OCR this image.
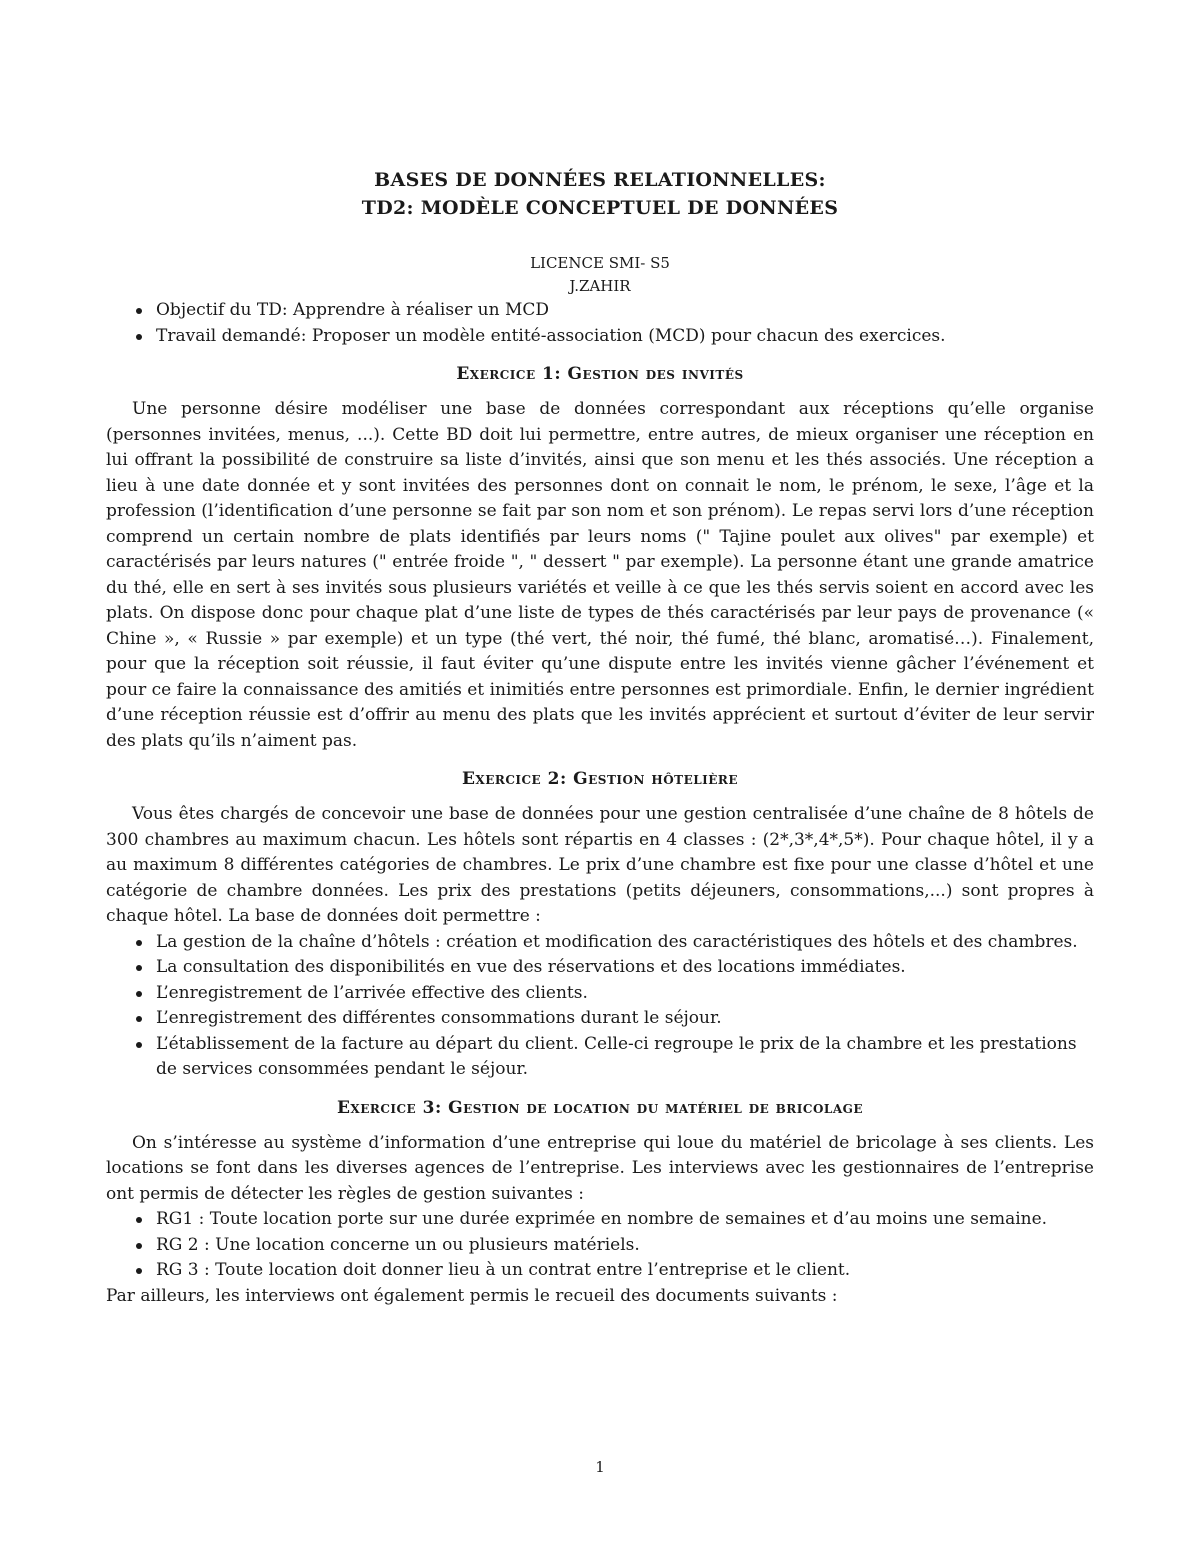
BASES DE DONNÉES RELATIONNELLES:

TD2: MODÈLE CONCEPTUEL DE DONNÉES

LICENCE SMI- S5

J.ZAHIR

Objectif du TD: Apprendre à réaliser un MCD
Travail demandé: Proposer un modèle entité-association (MCD) pour chacun des exercices.
Exercice 1: Gestion des invités

Une personne désire modéliser une base de données correspondant aux réceptions qu’elle organise (personnes invitées, menus, ...). Cette BD doit lui permettre, entre autres, de mieux organiser une réception en lui offrant la possibilité de construire sa liste d’invités, ainsi que son menu et les thés associés. Une réception a lieu à une date donnée et y sont invitées des personnes dont on connait le nom, le prénom, le sexe, l’âge et la profession (l’identification d’une personne se fait par son nom et son prénom). Le repas servi lors d’une réception comprend un certain nombre de plats identifiés par leurs noms (" Tajine poulet aux olives" par exemple) et caractérisés par leurs natures (" entrée froide ", " dessert " par exemple). La personne étant une grande amatrice du thé, elle en sert à ses invités sous plusieurs variétés et veille à ce que les thés servis soient en accord avec les plats. On dispose donc pour chaque plat d’une liste de types de thés caractérisés par leur pays de provenance (« Chine », « Russie » par exemple) et un type (thé vert, thé noir, thé fumé, thé blanc, aromatisé…). Finalement, pour que la réception soit réussie, il faut éviter qu’une dispute entre les invités vienne gâcher l’événement et pour ce faire la connaissance des amitiés et inimitiés entre personnes est primordiale. Enfin, le dernier ingrédient d’une réception réussie est d’offrir au menu des plats que les invités apprécient et surtout d’éviter de leur servir des plats qu’ils n’aiment pas.

Exercice 2: Gestion hôtelière

Vous êtes chargés de concevoir une base de données pour une gestion centralisée d’une chaîne de 8 hôtels de 300 chambres au maximum chacun. Les hôtels sont répartis en 4 classes : (2*,3*,4*,5*). Pour chaque hôtel, il y a au maximum 8 différentes catégories de chambres. Le prix d’une chambre est fixe pour une classe d’hôtel et une catégorie de chambre données. Les prix des prestations (petits déjeuners, consommations,...) sont propres à chaque hôtel. La base de données doit permettre :

La gestion de la chaîne d’hôtels : création et modification des caractéristiques des hôtels et des chambres.
La consultation des disponibilités en vue des réservations et des locations immédiates.
L’enregistrement de l’arrivée effective des clients.
L’enregistrement des différentes consommations durant le séjour.
L’établissement de la facture au départ du client. Celle-ci regroupe le prix de la chambre et les prestations de services consommées pendant le séjour.
Exercice 3: Gestion de location du matériel de bricolage

On s’intéresse au système d’information d’une entreprise qui loue du matériel de bricolage à ses clients. Les locations se font dans les diverses agences de l’entreprise. Les interviews avec les gestionnaires de l’entreprise ont permis de détecter les règles de gestion suivantes :

RG1 : Toute location porte sur une durée exprimée en nombre de semaines et d’au moins une semaine.
RG 2 : Une location concerne un ou plusieurs matériels.
RG 3 : Toute location doit donner lieu à un contrat entre l’entreprise et le client.

Par ailleurs, les interviews ont également permis le recueil des documents suivants :

1
